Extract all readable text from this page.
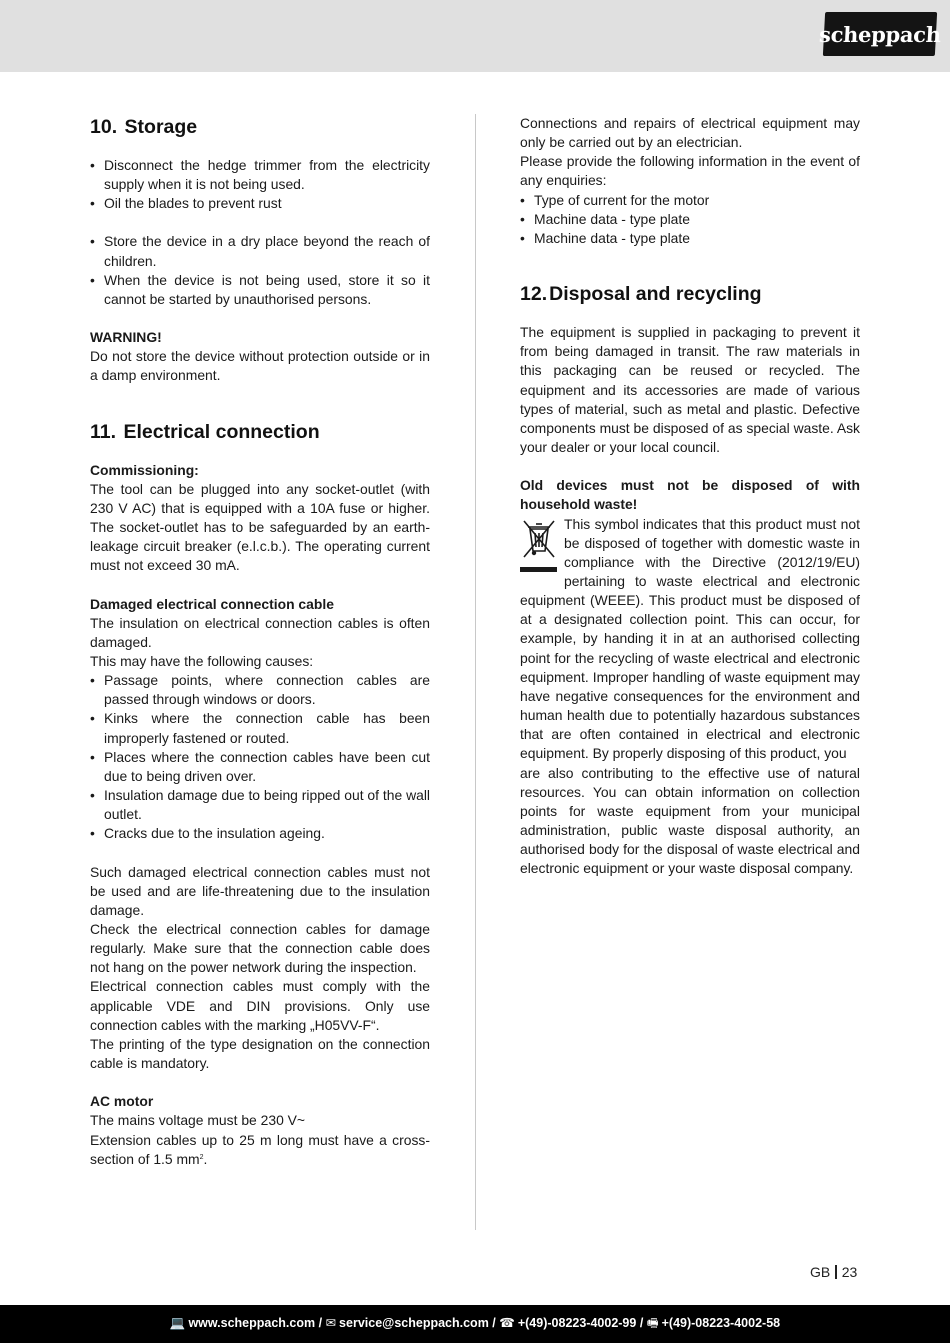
scheppach
10. Storage
• Disconnect the hedge trimmer from the electricity supply when it is not being used.
• Oil the blades to prevent rust
• Store the device in a dry place beyond the reach of children.
• When the device is not being used, store it so it cannot be started by unauthorised persons.

WARNING!

Do not store the device without protection outside or in a damp environment.

11. Electrical connection

Commissioning:

The tool can be plugged into any socket-outlet (with 230 V AC) that is equipped with a 10A fuse or higher. The socket-outlet has to be safeguarded by an earth-leakage circuit breaker (e.l.c.b.). The operating current must not exceed 30 mA.

Damaged electrical connection cable

The insulation on electrical connection cables is often damaged.

This may have the following causes:

• Passage points, where connection cables are passed through windows or doors.
• Kinks where the connection cable has been improperly fastened or routed.
• Places where the connection cables have been cut due to being driven over.
• Insulation damage due to being ripped out of the wall outlet.
• Cracks due to the insulation ageing.

Such damaged electrical connection cables must not be used and are life-threatening due to the insulation damage.

Check the electrical connection cables for damage regularly. Make sure that the connection cable does not hang on the power network during the inspection.

Electrical connection cables must comply with the applicable VDE and DIN provisions. Only use connection cables with the marking „H05VV-F“.

The printing of the type designation on the connection cable is mandatory.

AC motor

The mains voltage must be 230 V~

Extension cables up to 25 m long must have a cross-section of 1.5 $mm^2$.

Connections and repairs of electrical equipment may only be carried out by an electrician.

Please provide the following information in the event of any enquiries:

• Type of current for the motor
• Machine data - type plate
• Machine data - type plate
12. Disposal and recycling

The equipment is supplied in packaging to prevent it from being damaged in transit. The raw materials in this packaging can be reused or recycled. The equipment and its accessories are made of various types of material, such as metal and plastic. Defective components must be disposed of as special waste. Ask your dealer or your local council.

Old devices must not be disposed of with household waste!

This symbol indicates that this product must not be disposed of together with domestic waste in compliance with the Directive (2012/19/EU) pertaining to waste electrical and electronic equipment (WEEE). This product must be disposed of at a designated collection point. This can occur, for example, by handing it in at an authorised collecting point for the recycling of waste electrical and electronic equipment. Improper handling of waste equipment may have negative consequences for the environment and human health due to potentially hazardous substances that are often contained in electrical and electronic equipment. By properly disposing of this product, you

are also contributing to the effective use of natural resources. You can obtain information on collection points for waste equipment from your municipal administration, public waste disposal authority, an authorised body for the disposal of waste electrical and electronic equipment or your waste disposal company.

GB 23
💻 www.scheppach.com / ✉ service@scheppach.com / ☎ +(49)-08223-4002-99 / 🖷 +(49)-08223-4002-58
